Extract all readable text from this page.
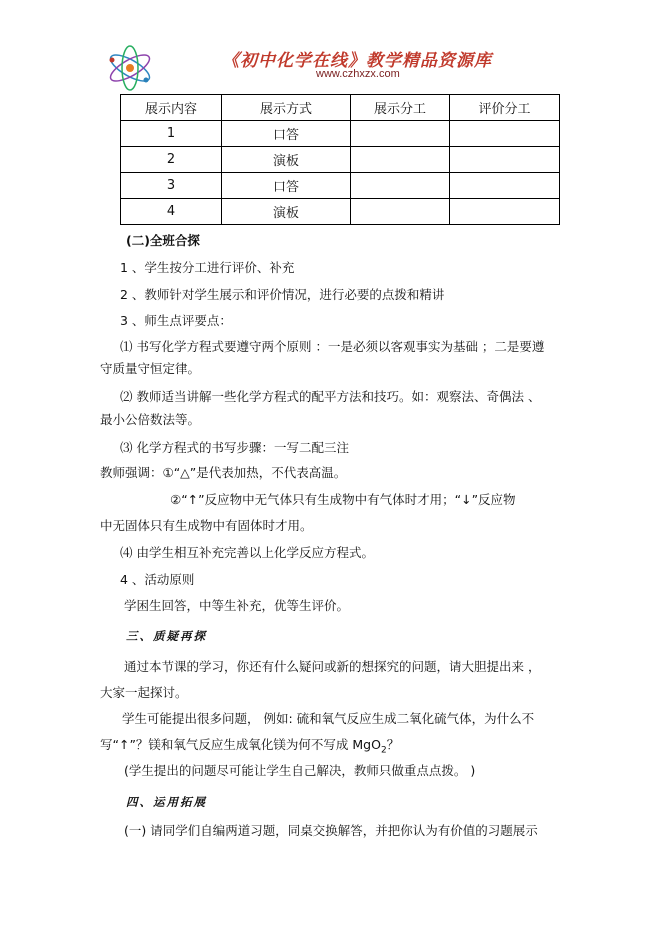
《初中化学在线》教学精品资源库
www.czhxzx.com
展示内容	展示方式	展示分工	评价分工
1	口答		
2	演板		
3	口答		
4	演板		
(二)全班合探
1 、学生按分工进行评价、补充
2 、教师针对学生展示和评价情况，进行必要的点拨和精讲
3 、师生点评要点：
⑴ 书写化学方程式要遵守两个原则 ：一是必须以客观事实为基础 ；二是要遵
守质量守恒定律。
⑵ 教师适当讲解一些化学方程式的配平方法和技巧。如：观察法、奇偶法 、
最小公倍数法等。
⑶ 化学方程式的书写步骤：一写二配三注
教师强调：①“△”是代表加热，不代表高温。
②“↑”反应物中无气体只有生成物中有气体时才用；“↓”反应物
中无固体只有生成物中有固体时才用。
⑷ 由学生相互补充完善以上化学反应方程式。
4 、活动原则
学困生回答，中等生补充，优等生评价。
三、质疑再探
通过本节课的学习，你还有什么疑问或新的想探究的问题，请大胆提出来 ，
大家一起探讨。
学生可能提出很多问题， 例如: 硫和氧气反应生成二氧化硫气体，为什么不
写“↑”？镁和氧气反应生成氧化镁为何不写成 MgO$_2$？
(学生提出的问题尽可能让学生自己解决，教师只做重点点拨。 )
四、运用拓展
(一) 请同学们自编两道习题，同桌交换解答，并把你认为有价值的习题展示
